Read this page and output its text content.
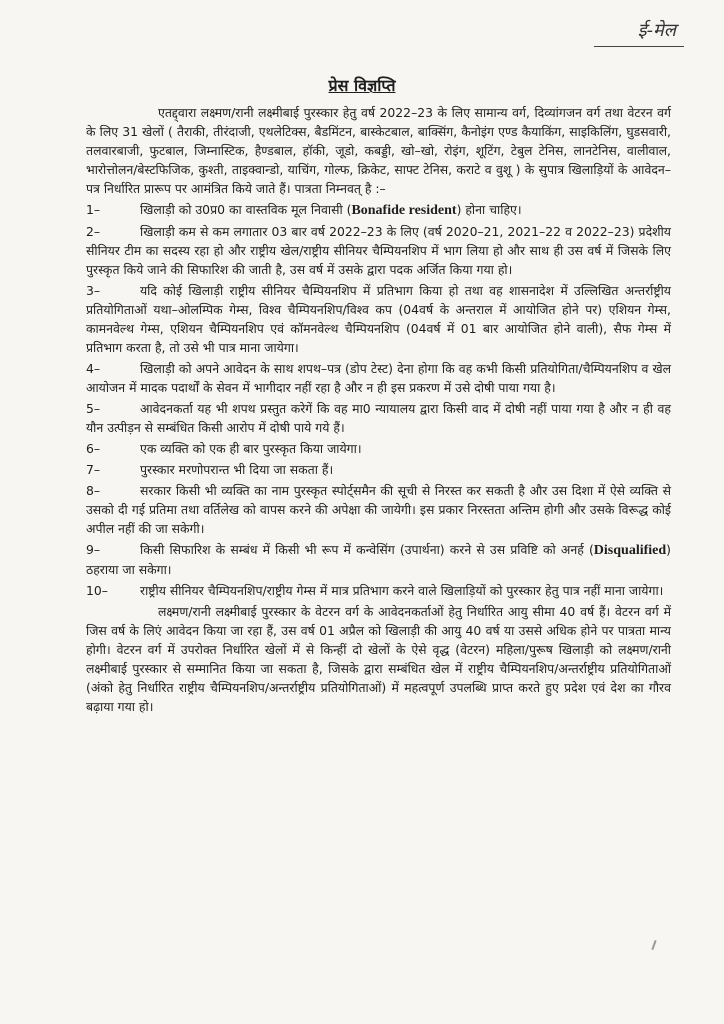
ई-मेल
प्रेस विज्ञप्ति

एतद्द्वारा लक्ष्मण/रानी लक्ष्मीबाई पुरस्कार हेतु वर्ष 2022–23 के लिए सामान्य वर्ग, दिव्यांगजन वर्ग तथा वेटरन वर्ग के लिए 31 खेलों ( तैराकी, तीरंदाजी, एथलेटिक्स, बैडमिंटन, बास्केटबाल, बाक्सिंग, कैनोइंग एण्ड कैयाकिंग, साइकिलिंग, घुडसवारी, तलवारबाजी, फुटबाल, जिम्नास्टिक, हैण्डबाल, हॉकी, जूडो, कबड्डी, खो–खो, रोइंग, शूटिंग, टेबुल टेनिस, लानटेनिस, वालीवाल, भारोत्तोलन/बेस्टफिजिक, कुश्ती, ताइक्वान्डो, याचिंग, गोल्फ, क्रिकेट, साफ्ट टेनिस, कराटे व वुशू ) के सुपात्र खिलाड़ियों के आवेदन–पत्र निर्धारित प्रारूप पर आमंत्रित किये जाते हैं। पात्रता निम्नवत् है :–

1–	खिलाड़ी को उ0प्र0 का वास्तविक मूल निवासी (Bonafide resident) होना चाहिए।

2–	खिलाड़ी कम से कम लगातार 03 बार वर्ष 2022–23 के लिए (वर्ष 2020–21, 2021–22 व 2022–23) प्रदेशीय सीनियर टीम का सदस्य रहा हो और राष्ट्रीय खेल/राष्ट्रीय सीनियर चैम्पियनशिप में भाग लिया हो और साथ ही उस वर्ष में जिसके लिए पुरस्कृत किये जाने की सिफारिश की जाती है, उस वर्ष में उसके द्वारा पदक अर्जित किया गया हो।

3–	यदि कोई खिलाड़ी राष्ट्रीय सीनियर चैम्पियनशिप में प्रतिभाग किया हो तथा वह शासनादेश में उल्लिखित अन्तर्राष्ट्रीय प्रतियोगिताओं यथा–ओलम्पिक गेम्स, विश्व चैम्पियनशिप/विश्व कप (04वर्ष के अन्तराल में आयोजित होने पर) एशियन गेम्स, कामनवेल्थ गेम्स, एशियन चैम्पियनशिप एवं कॉमनवेल्थ चैम्पियनशिप (04वर्ष में 01 बार आयोजित होने वाली), सैफ गेम्स में प्रतिभाग करता है, तो उसे भी पात्र माना जायेगा।

4–	खिलाड़ी को अपने आवेदन के साथ शपथ–पत्र (डोप टेस्ट) देना होगा कि वह कभी किसी प्रतियोगिता/चैम्पियनशिप व खेल आयोजन में मादक पदार्थों के सेवन में भागीदार नहीं रहा है और न ही इस प्रकरण में उसे दोषी पाया गया है।

5–	आवेदनकर्ता यह भी शपथ प्रस्तुत करेगें कि वह मा0 न्यायालय द्वारा किसी वाद में दोषी नहीं पाया गया है और न ही वह यौन उत्पीड़न से सम्बंधित किसी आरोप में दोषी पाये गये हैं।

6–	एक व्यक्ति को एक ही बार पुरस्कृत किया जायेगा।

7–	पुरस्कार मरणोपरान्त भी दिया जा सकता हैं।

8–	सरकार किसी भी व्यक्ति का नाम पुरस्कृत स्पोर्ट्समैन की सूची से निरस्त कर सकती है और उस दिशा में ऐसे व्यक्ति से उसको दी गई प्रतिमा तथा वर्तिलेख को वापस करने की अपेक्षा की जायेगी। इस प्रकार निरस्तता अन्तिम होगी और उसके विरूद्ध कोई अपील नहीं की जा सकेगी।

9–	किसी सिफारिश के सम्बंध में किसी भी रूप में कन्वेसिंग (उपार्थना) करने से उस प्रविष्टि को अनर्ह (Disqualified) ठहराया जा सकेगा।

10–	राष्ट्रीय सीनियर चैम्पियनशिप/राष्ट्रीय गेम्स में मात्र प्रतिभाग करने वाले खिलाड़ियों को पुरस्कार हेतु पात्र नहीं माना जायेगा।

लक्ष्मण/रानी लक्ष्मीबाई पुरस्कार के वेटरन वर्ग के आवेदनकर्ताओं हेतु निर्धारित आयु सीमा 40 वर्ष हैं। वेटरन वर्ग में जिस वर्ष के लिएं आवेदन किया जा रहा हैं, उस वर्ष 01 अप्रैल को खिलाड़ी की आयु 40 वर्ष या उससे अधिक होने पर पात्रता मान्य होगी। वेटरन वर्ग में उपरोक्त निर्धारित खेलों में से किन्हीं दो खेलों के ऐसे वृद्ध (वेटरन) महिला/पुरूष खिलाड़ी को लक्ष्मण/रानी लक्ष्मीबाई पुरस्कार से सम्मानित किया जा सकता है, जिसके द्वारा सम्बंधित खेल में राष्ट्रीय चैम्पियनशिप/अन्तर्राष्ट्रीय प्रतियोगिताओं (अंको हेतु निर्धारित राष्ट्रीय चैम्पियनशिप/अन्तर्राष्ट्रीय प्रतियोगिताओं) में महत्वपूर्ण उपलब्धि प्राप्त करते हुए प्रदेश एवं देश का गौरव बढ़ाया गया हो।
